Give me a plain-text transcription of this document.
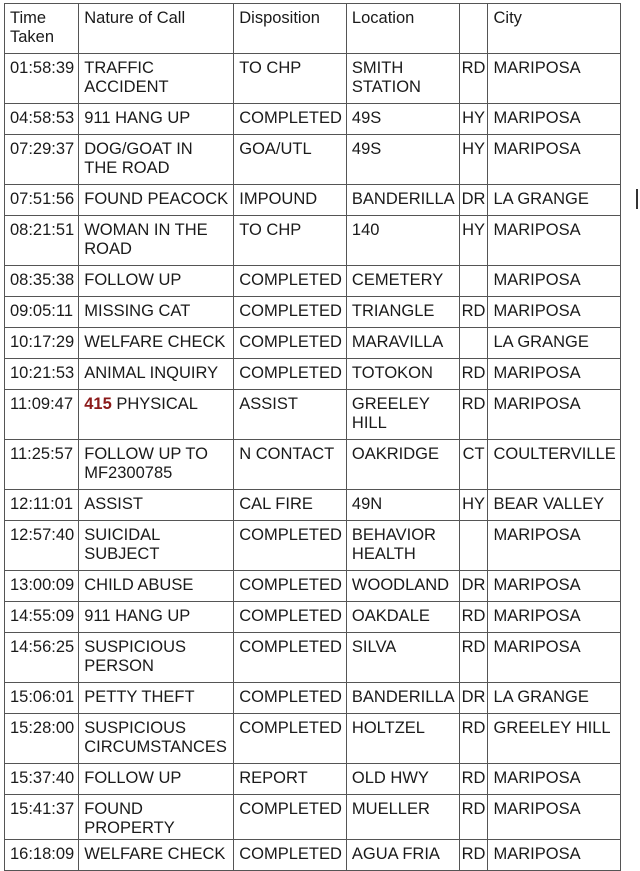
Time Taken	Nature of Call	Disposition	Location		City
01:58:39	TRAFFIC ACCIDENT	TO CHP	SMITH STATION	RD	MARIPOSA
04:58:53	911 HANG UP	COMPLETED	49S	HY	MARIPOSA
07:29:37	DOG/GOAT IN THE ROAD	GOA/UTL	49S	HY	MARIPOSA
07:51:56	FOUND PEACOCK	IMPOUND	BANDERILLA	DR	LA GRANGE
08:21:51	WOMAN IN THE ROAD	TO CHP	140	HY	MARIPOSA
08:35:38	FOLLOW UP	COMPLETED	CEMETERY		MARIPOSA
09:05:11	MISSING CAT	COMPLETED	TRIANGLE	RD	MARIPOSA
10:17:29	WELFARE CHECK	COMPLETED	MARAVILLA		LA GRANGE
10:21:53	ANIMAL INQUIRY	COMPLETED	TOTOKON	RD	MARIPOSA
11:09:47	415 PHYSICAL	ASSIST	GREELEY HILL	RD	MARIPOSA
11:25:57	FOLLOW UP TO MF2300785	N CONTACT	OAKRIDGE	CT	COULTERVILLE
12:11:01	ASSIST	CAL FIRE	49N	HY	BEAR VALLEY
12:57:40	SUICIDAL SUBJECT	COMPLETED	BEHAVIOR HEALTH		MARIPOSA
13:00:09	CHILD ABUSE	COMPLETED	WOODLAND	DR	MARIPOSA
14:55:09	911 HANG UP	COMPLETED	OAKDALE	RD	MARIPOSA
14:56:25	SUSPICIOUS PERSON	COMPLETED	SILVA	RD	MARIPOSA
15:06:01	PETTY THEFT	COMPLETED	BANDERILLA	DR	LA GRANGE
15:28:00	SUSPICIOUS CIRCUMSTANCES	COMPLETED	HOLTZEL	RD	GREELEY HILL
15:37:40	FOLLOW UP	REPORT	OLD HWY	RD	MARIPOSA
15:41:37	FOUND PROPERTY	COMPLETED	MUELLER	RD	MARIPOSA
16:18:09	WELFARE CHECK	COMPLETED	AGUA FRIA	RD	MARIPOSA
